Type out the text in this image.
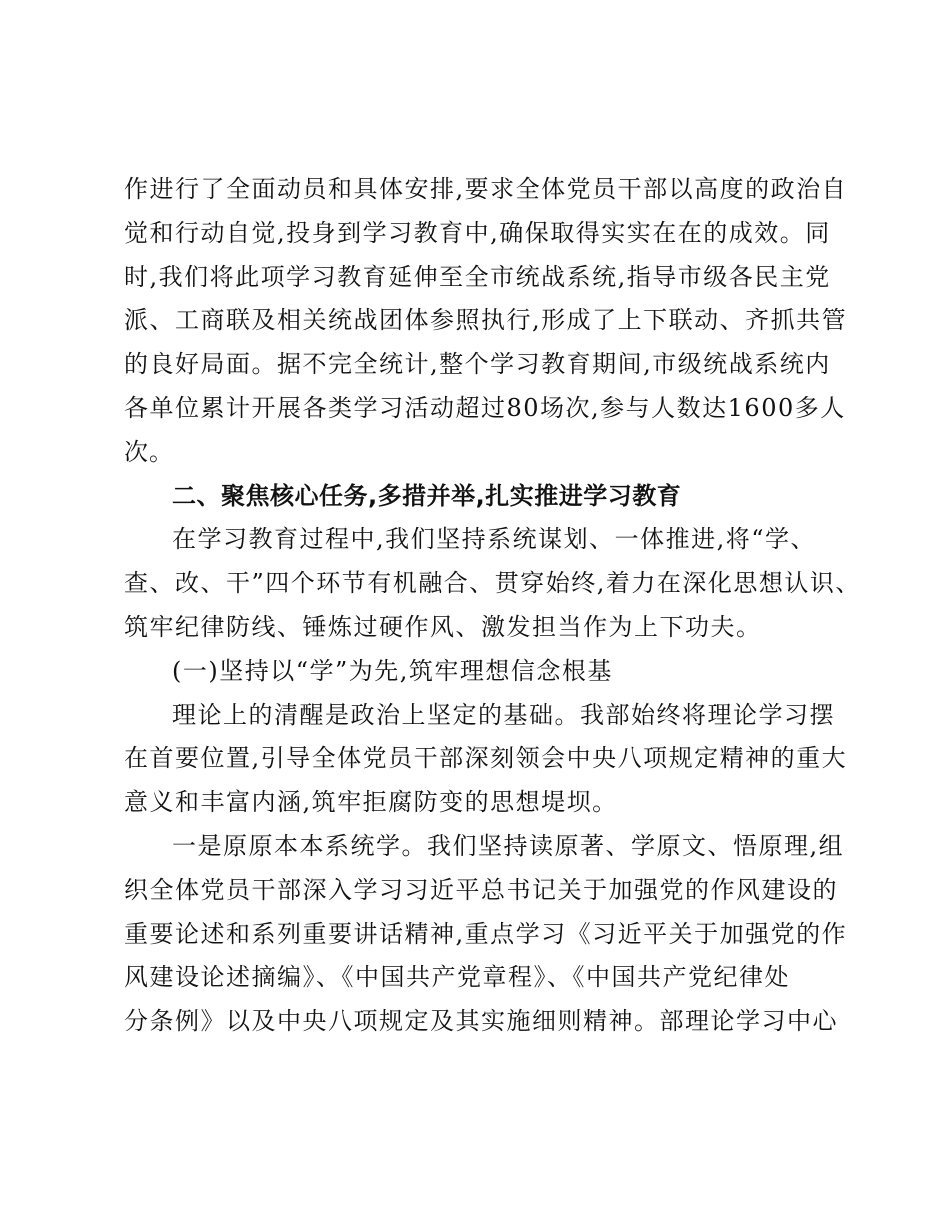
作进行了全面动员和具体安排,要求全体党员干部以高度的政治自
觉和行动自觉,投身到学习教育中,确保取得实实在在的成效。同
时,我们将此项学习教育延伸至全市统战系统,指导市级各民主党
派、工商联及相关统战团体参照执行,形成了上下联动、齐抓共管
的良好局面。据不完全统计,整个学习教育期间,市级统战系统内
各单位累计开展各类学习活动超过80场次,参与人数达1600多人
次。
二、聚焦核心任务,多措并举,扎实推进学习教育
在学习教育过程中,我们坚持系统谋划、一体推进,将“学、
查、改、干”四个环节有机融合、贯穿始终,着力在深化思想认识、
筑牢纪律防线、锤炼过硬作风、激发担当作为上下功夫。
(一)坚持以“学”为先,筑牢理想信念根基
理论上的清醒是政治上坚定的基础。我部始终将理论学习摆
在首要位置,引导全体党员干部深刻领会中央八项规定精神的重大
意义和丰富内涵,筑牢拒腐防变的思想堤坝。
一是原原本本系统学。我们坚持读原著、学原文、悟原理,组
织全体党员干部深入学习习近平总书记关于加强党的作风建设的
重要论述和系列重要讲话精神,重点学习《习近平关于加强党的作
风建设论述摘编》、《中国共产党章程》、《中国共产党纪律处
分条例》以及中央八项规定及其实施细则精神。部理论学习中心
